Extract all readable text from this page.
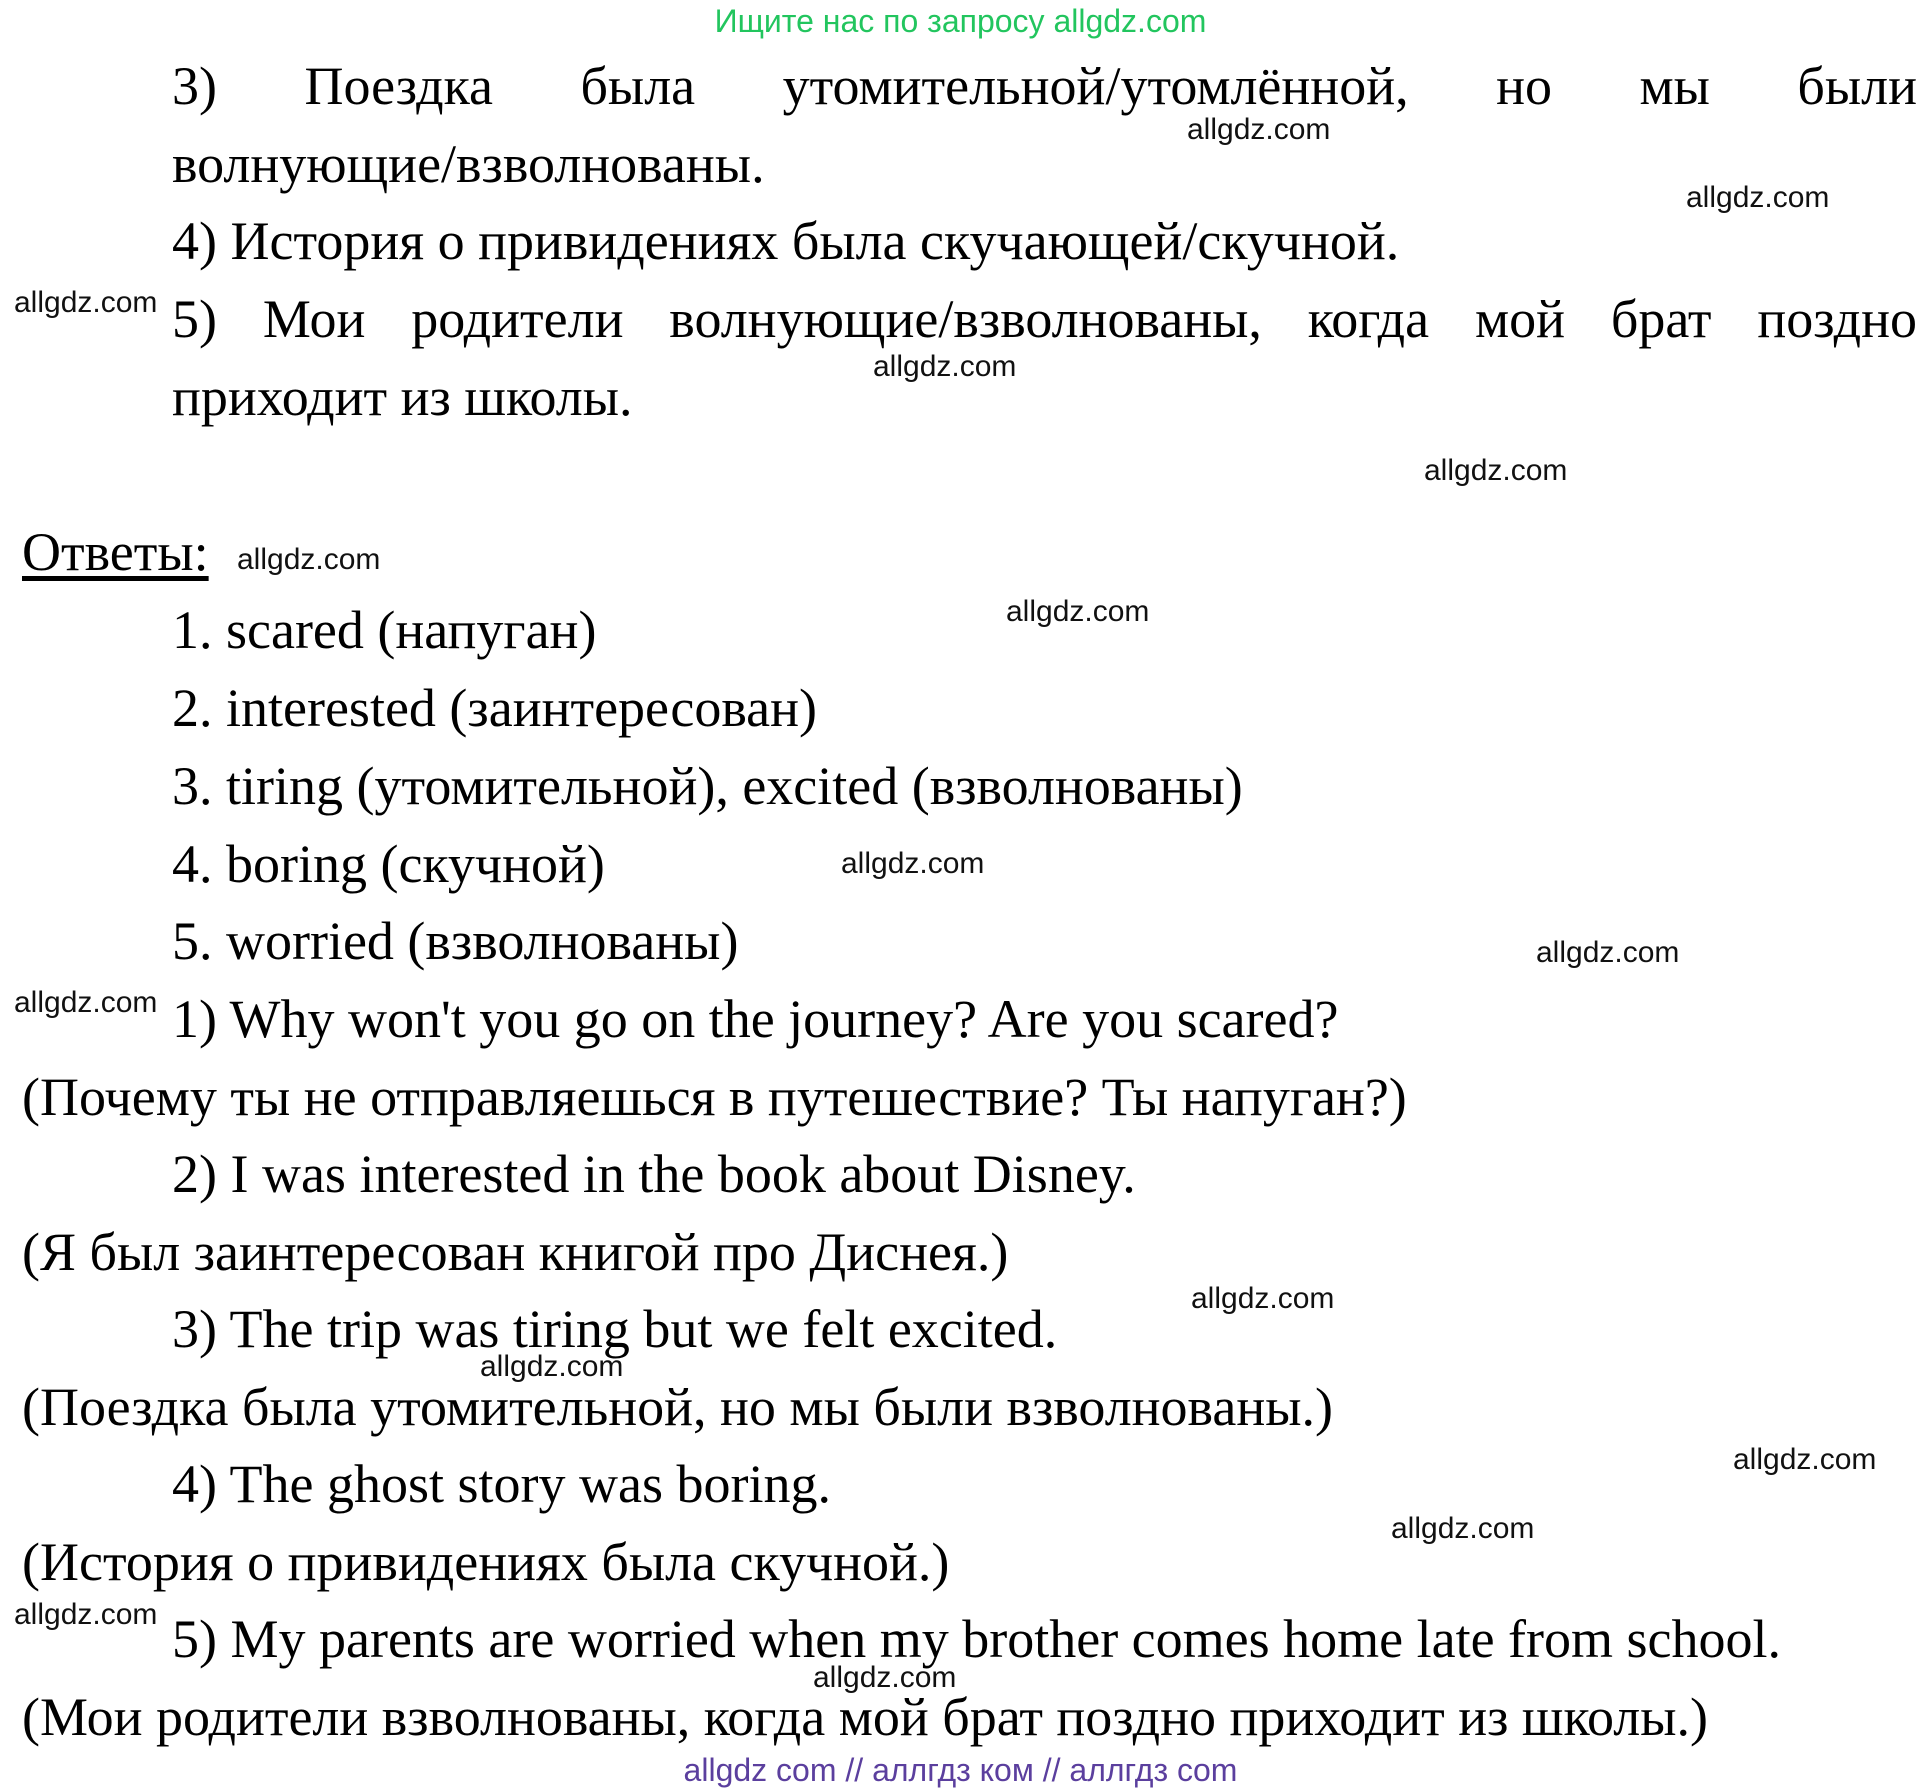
Ищите нас по запросу allgdz.com
3) Поездка была утомительной/утомлённой, но мы были
волнующие/взволнованы.
4) История о привидениях была скучающей/скучной.
5) Мои родители волнующие/взволнованы, когда мой брат поздно
приходит из школы.
Ответы:
1. scared (напуган)
2. interested (заинтересован)
3. tiring (утомительной), excited (взволнованы)
4. boring (скучной)
5. worried (взволнованы)
1) Why won't you go on the journey? Are you scared?
(Почему ты не отправляешься в путешествие? Ты напуган?)
2) I was interested in the book about Disney.
(Я был заинтересован книгой про Диснея.)
3) The trip was tiring but we felt excited.
(Поездка была утомительной, но мы были взволнованы.)
4) The ghost story was boring.
(История о привидениях была скучной.)
5) My parents are worried when my brother comes home late from school.
(Мои родители взволнованы, когда мой брат поздно приходит из школы.)
allgdz.com
allgdz.com
allgdz.com
allgdz.com
allgdz.com
allgdz.com
allgdz.com
allgdz.com
allgdz.com
allgdz.com
allgdz.com
allgdz.com
allgdz.com
allgdz.com
allgdz.com
allgdz.com
allgdz com // аллгдз ком // аллгдз com
